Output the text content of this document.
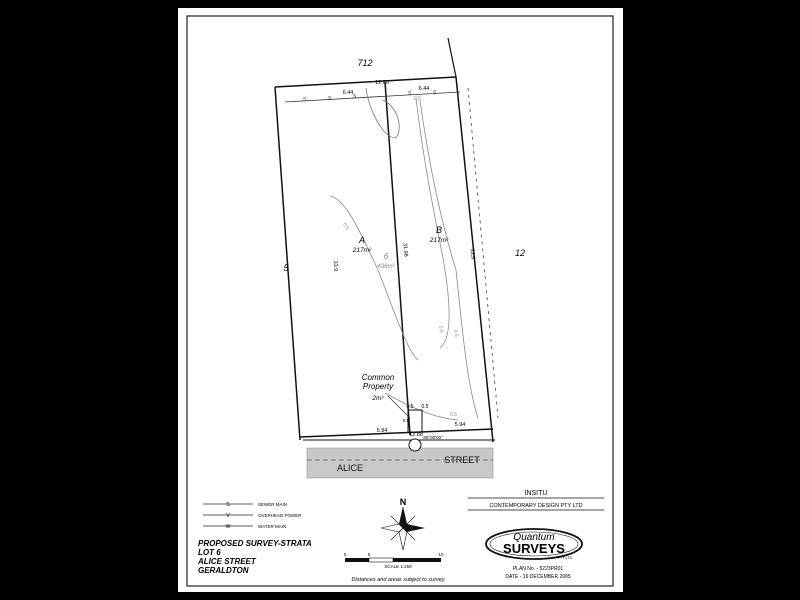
S	S	S	S	S
712
5
12
12.60
6.44
6.44
A
217m²
B
217m²
6
436m²
33.9
31.98	33.9
Common
Property
2m²
0.5 0.5
0.5
5.94
5.94
12.88 89°00'00"
0.5
0.5
0.5
0.5
0.5
ALICE
STREET
S	SEWER MAIN
V	OVERHEAD POWER
W	WATER MAIN
PROPOSED SURVEY-STRATA
LOT 6
ALICE STREET
GERALDTON
N
0	5	10
SCALE 1:250
Distances and areas subject to survey
INSITU
CONTEMPORARY DESIGN PTY LTD
Quantum
SURVEYS
PTY LTD
PLAN No. - 5223PR01
DATE - 16 DECEMBER 2005
